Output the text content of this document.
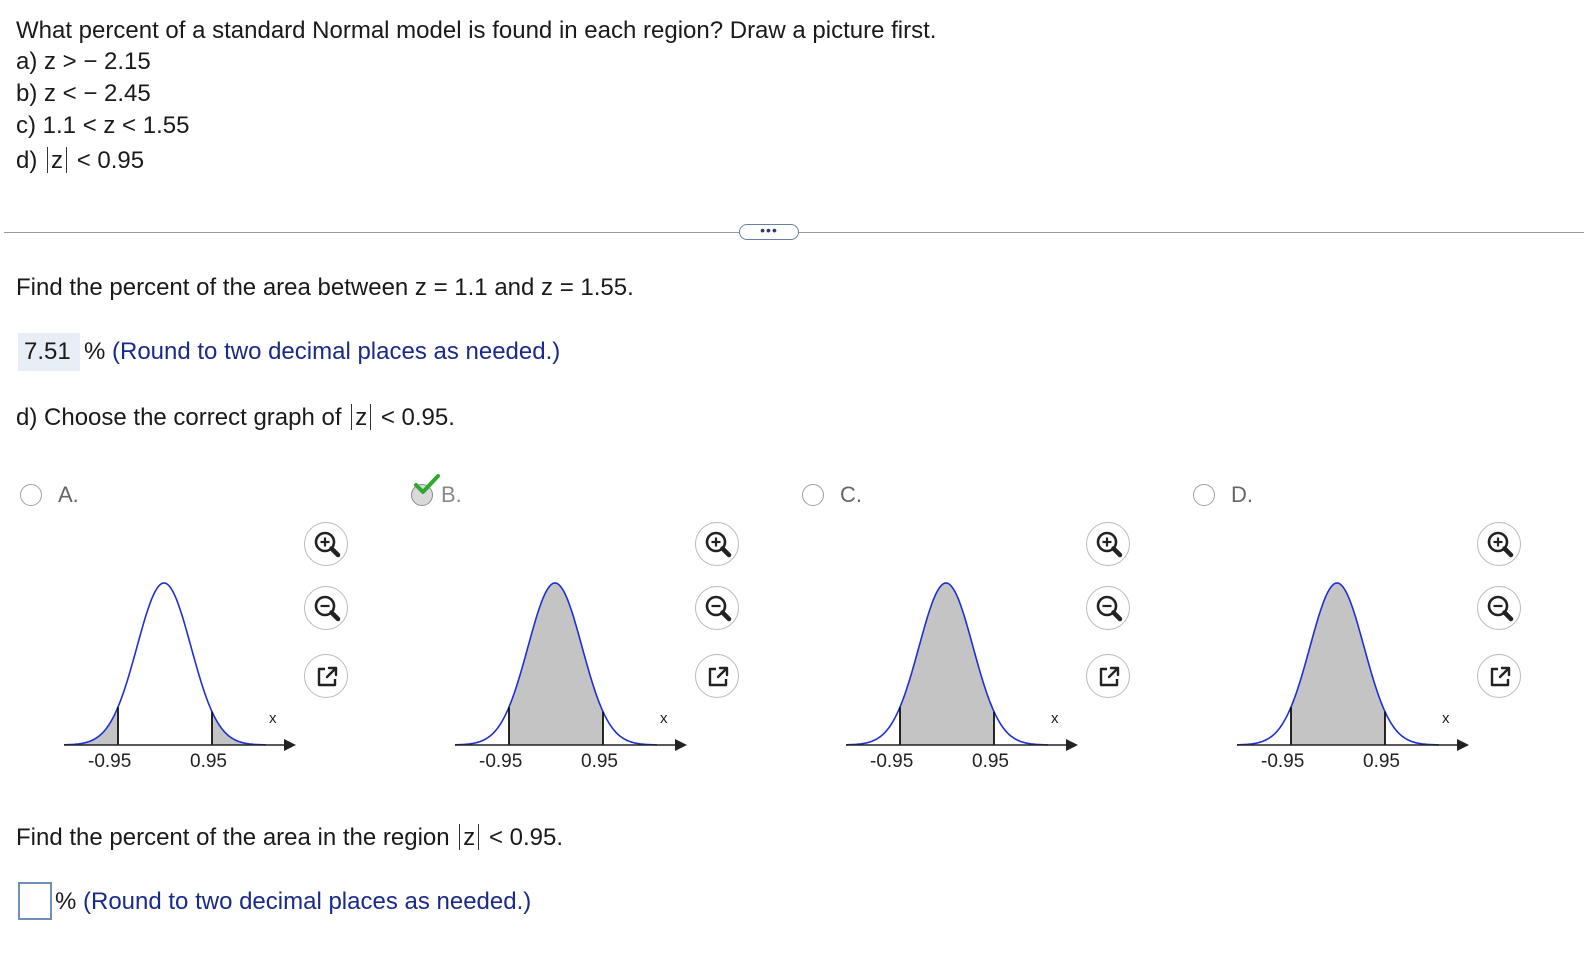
What percent of a standard Normal model is found in each region? Draw a picture first.
a) z > − 2.15
b) z < − 2.45
c) 1.1 < z < 1.55
d) z < 0.95
•••
Find the percent of the area between z = 1.1 and z = 1.55.
7.51 % (Round to two decimal places as needed.)
d) Choose the correct graph of z < 0.95.
A.
-0.95	0.95
x
B.
-0.95	0.95
x
C.
-0.95	0.95
x
D.
-0.95	0.95
x
Find the percent of the area in the region z < 0.95.
% (Round to two decimal places as needed.)
